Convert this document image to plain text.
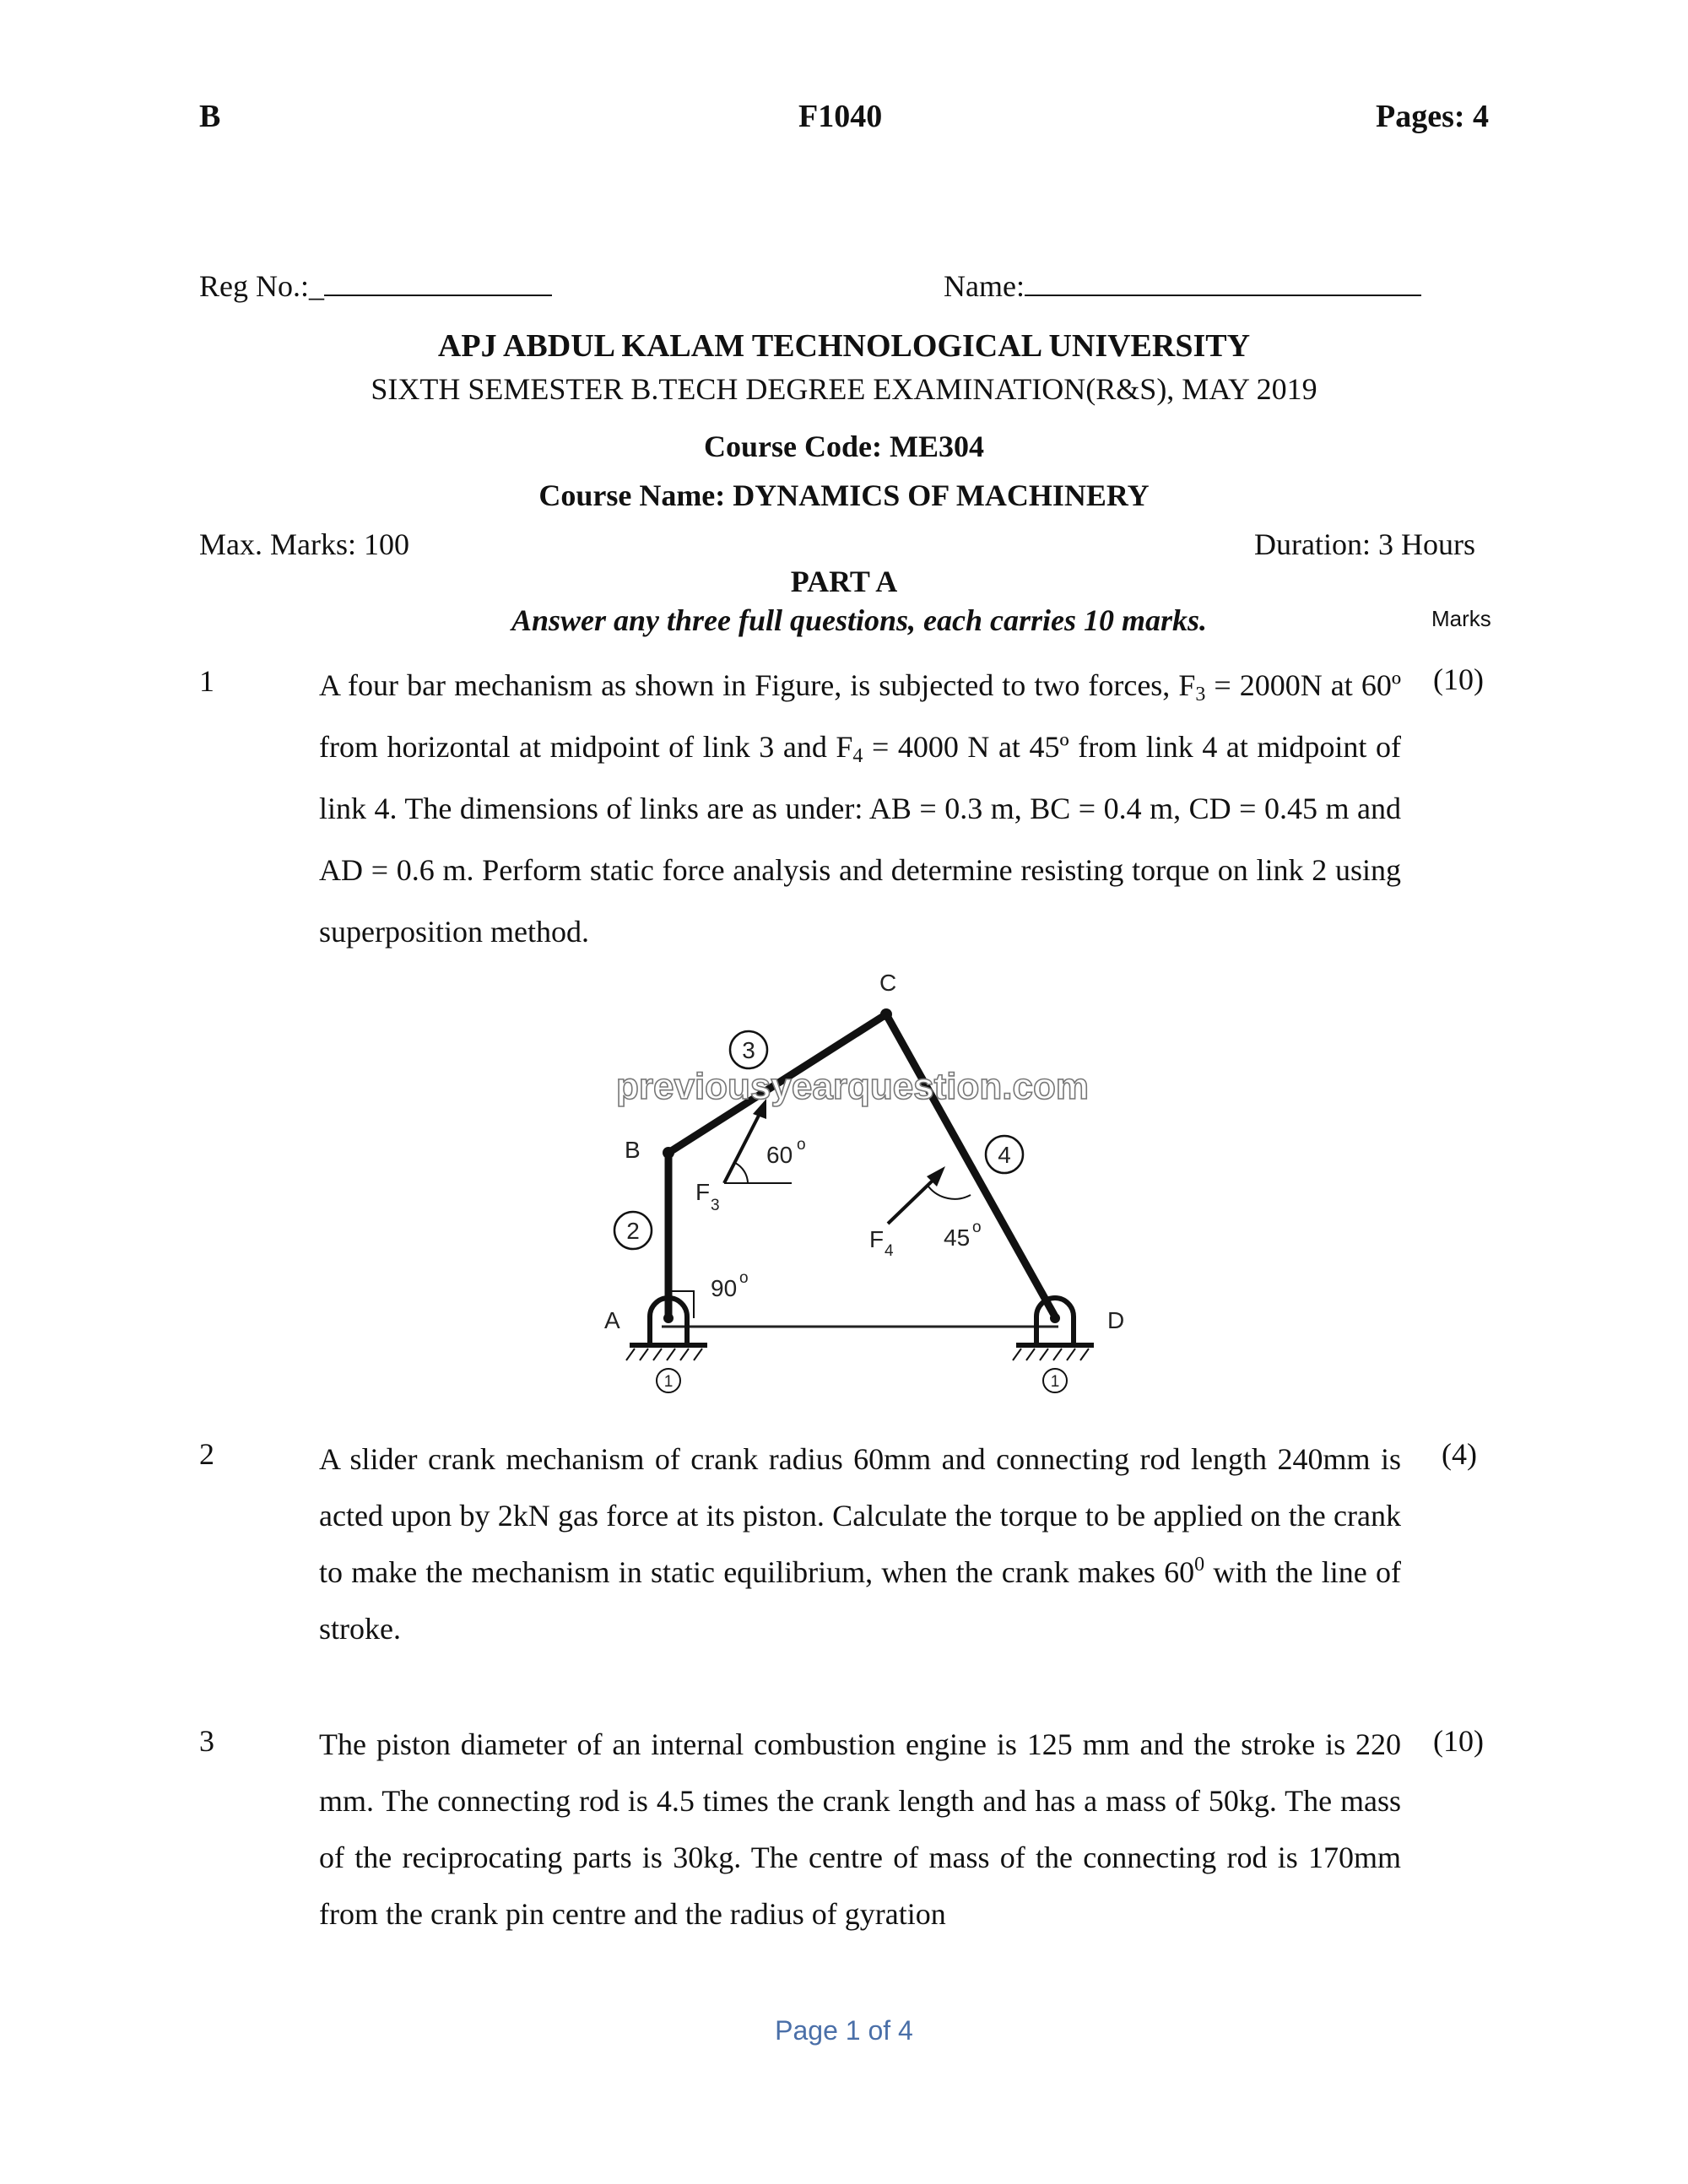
B	F1040	Pages: 4
Reg No.:_	Name:
APJ ABDUL KALAM TECHNOLOGICAL UNIVERSITY
SIXTH SEMESTER B.TECH DEGREE EXAMINATION(R&S), MAY 2019
Course Code: ME304
Course Name: DYNAMICS OF MACHINERY
Max. Marks: 100	Duration: 3 Hours
PART A
Answer any three full questions, each carries 10 marks.	Marks
1	(10)
A four bar mechanism as shown in Figure, is subjected to two forces, $F_3 = 2000N$ at 60º from horizontal at midpoint of link 3 and $F_4 = 4000$ N at 45º from link 4 at midpoint of link 4. The dimensions of links are as under: AB = 0.3 m, BC = 0.4 m, CD = 0.45 m and AD = 0.6 m. Perform static force analysis and determine resisting torque on link 2 using superposition method.
1	1
2
3
4
A
B
C
D
F
3
F 4
60 o
45 o
90 o
previousyearquestion.com
2	(4)
A slider crank mechanism of crank radius 60mm and connecting rod length 240mm is acted upon by 2kN gas force at its piston. Calculate the torque to be applied on the crank to make the mechanism in static equilibrium, when the crank makes $60^0$ with the line of stroke.
3	(10)
The piston diameter of an internal combustion engine is 125 mm and the stroke is 220 mm. The connecting rod is 4.5 times the crank length and has a mass of 50kg. The mass of the reciprocating parts is 30kg. The centre of mass of the connecting rod is 170mm from the crank pin centre and the radius of gyration
Page 1 of 4
